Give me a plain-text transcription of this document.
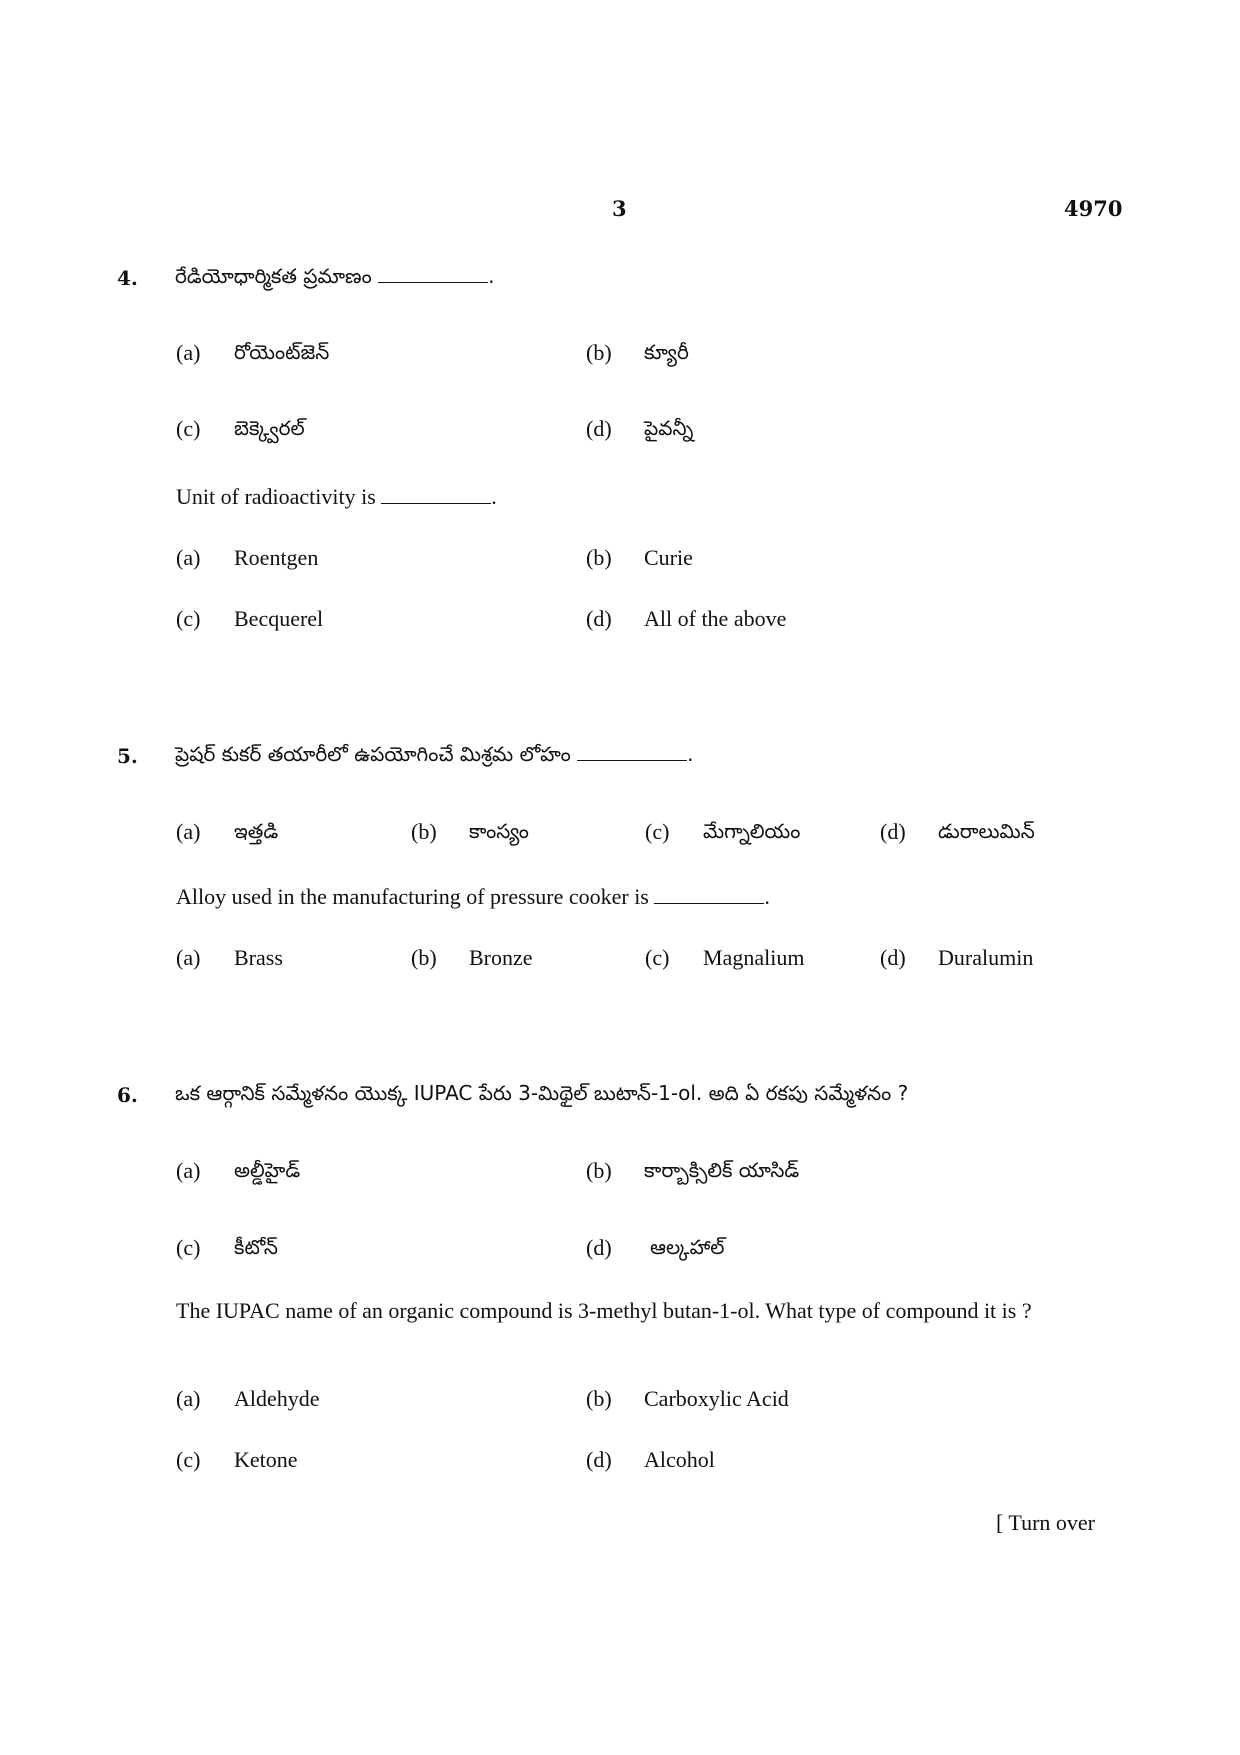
3	4970
4. రేడియోధార్మికత ప్రమాణం	.
(a) రోయెంట్‌జెన్	(b) క్యూరీ
(c) బెక్క్వెరల్	(d) పైవన్నీ
Unit of radioactivity is	.
(a) Roentgen	(b) Curie
(c) Becquerel	(d) All of the above
5. ప్రెషర్ కుకర్ తయారీలో ఉపయోగించే మిశ్రమ లోహం	.
(a) ఇత్తడి	(b) కాంస్యం	(c) మేగ్నాలియం	(d) డురాలుమిన్
Alloy used in the manufacturing of pressure cooker is	.
(a) Brass	(b) Bronze	(c) Magnalium	(d) Duralumin
6. ఒక ఆర్గానిక్ సమ్మేళనం యొక్క IUPAC పేరు 3-మిథైల్ బుటాన్-1-ol. అది ఏ రకపు సమ్మేళనం ?
(a) అల్డీహైడ్	(b) కార్బాక్సిలిక్ యాసిడ్
(c) కీటోన్	(d) ఆల్కహాల్
The IUPAC name of an organic compound is 3-methyl butan-1-ol. What type of compound it is ?
(a) Aldehyde	(b) Carboxylic Acid
(c) Ketone	(d) Alcohol
[ Turn over
